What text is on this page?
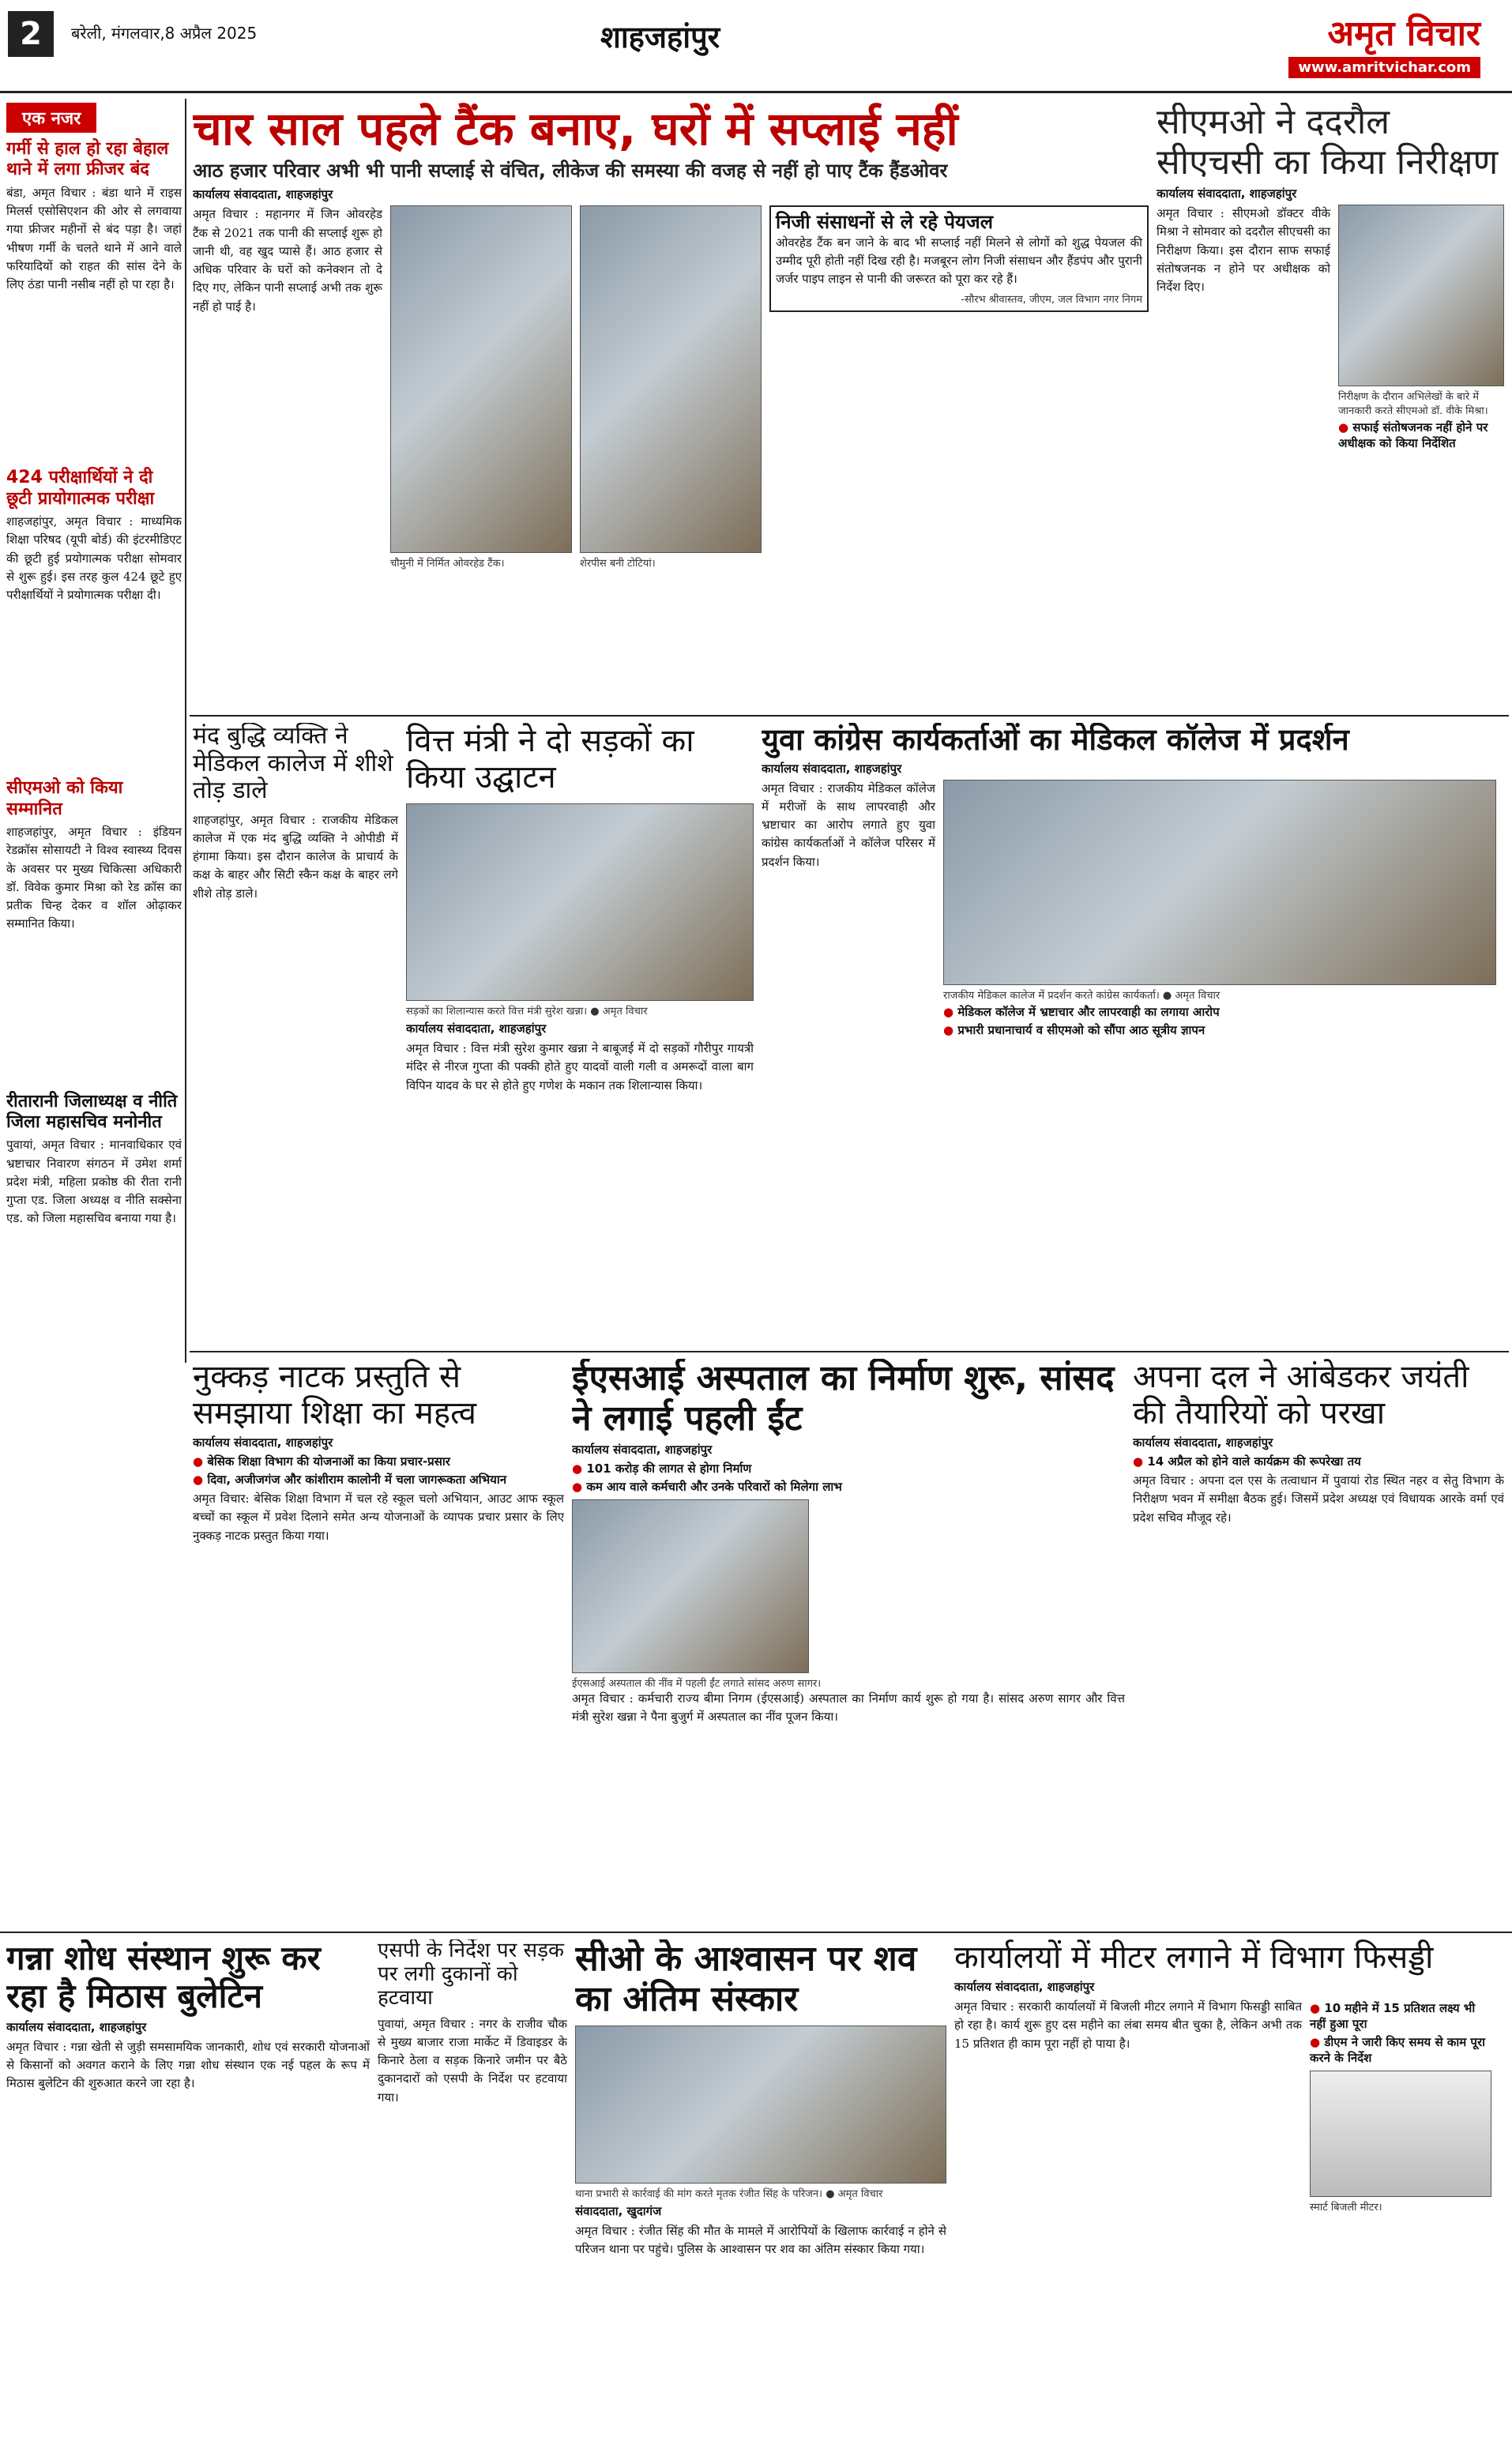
2	बरेली, मंगलवार,8 अप्रैल 2025	शाहजहांपुर	अमृत विचार
www.amritvichar.com
एक नजर
गर्मी से हाल हो रहा बेहाल थाने में लगा फ्रीजर बंद

बंडा, अमृत विचार : बंडा थाने में राइस मिलर्स एसोसिएशन की ओर से लगवाया गया फ्रीजर महीनों से बंद पड़ा है। जहां भीषण गर्मी के चलते थाने में आने वाले फरियादियों को राहत की सांस देने के लिए ठंडा पानी नसीब नहीं हो पा रहा है।

424 परीक्षार्थियों ने दी छूटी प्रायोगात्मक परीक्षा

शाहजहांपुर, अमृत विचार : माध्यमिक शिक्षा परिषद (यूपी बोर्ड) की इंटरमीडिएट की छूटी हुई प्रयोगात्मक परीक्षा सोमवार से शुरू हुई। इस तरह कुल 424 छूटे हुए परीक्षार्थियों ने प्रयोगात्मक परीक्षा दी।

सीएमओ को किया सम्मानित

शाहजहांपुर, अमृत विचार : इंडियन रेडक्रॉस सोसायटी ने विश्व स्वास्थ्य दिवस के अवसर पर मुख्य चिकित्सा अधिकारी डॉ. विवेक कुमार मिश्रा को रेड क्रॉस का प्रतीक चिन्ह देकर व शॉल ओढ़ाकर सम्मानित किया।

रीतारानी जिलाध्यक्ष व नीति जिला महासचिव मनोनीत

पुवायां, अमृत विचार : मानवाधिकार एवं भ्रष्टाचार निवारण संगठन में उमेश शर्मा प्रदेश मंत्री, महिला प्रकोष्ठ की रीता रानी गुप्ता एड. जिला अध्यक्ष व नीति सक्सेना एड. को जिला महासचिव बनाया गया है।

चार साल पहले टैंक बनाए, घरों में सप्लाई नहीं
आठ हजार परिवार अभी भी पानी सप्लाई से वंचित, लीकेज की समस्या की वजह से नहीं हो पाए टैंक हैंडओवर
कार्यालय संवाददाता, शाहजहांपुर

अमृत विचार : महानगर में जिन ओवरहेड टैंक से 2021 तक पानी की सप्लाई शुरू हो जानी थी, वह खुद प्यासे हैं। आठ हजार से अधिक परिवार के घरों को कनेक्शन तो दे दिए गए, लेकिन पानी सप्लाई अभी तक शुरू नहीं हो पाई है।

चौमुनी में निर्मित ओवरहेड टैंक।	शेरपीस बनी टोटियां।
निजी संसाधनों से ले रहे पेयजल

ओवरहेड टैंक बन जाने के बाद भी सप्लाई नहीं मिलने से लोगों को शुद्ध पेयजल की उम्मीद पूरी होती नहीं दिख रही है। मजबूरन लोग निजी संसाधन और हैंडपंप और पुरानी जर्जर पाइप लाइन से पानी की जरूरत को पूरा कर रहे हैं।

-सौरभ श्रीवास्तव, जीएम, जल विभाग नगर निगम
सीएमओ ने ददरौल सीएचसी का किया निरीक्षण
कार्यालय संवाददाता, शाहजहांपुर

अमृत विचार : सीएमओ डॉक्टर वीके मिश्रा ने सोमवार को ददरौल सीएचसी का निरीक्षण किया। इस दौरान साफ सफाई संतोषजनक न होने पर अधीक्षक को निर्देश दिए।

निरीक्षण के दौरान अभिलेखों के बारे में जानकारी करते सीएमओ डॉ. वीके मिश्रा।
● सफाई संतोषजनक नहीं होने पर अधीक्षक को किया निर्देशित
मंद बुद्धि व्यक्ति ने मेडिकल कालेज में शीशे तोड़ डाले

शाहजहांपुर, अमृत विचार : राजकीय मेडिकल कालेज में एक मंद बुद्धि व्यक्ति ने ओपीडी में हंगामा किया। इस दौरान कालेज के प्राचार्य के कक्ष के बाहर और सिटी स्कैन कक्ष के बाहर लगे शीशे तोड़ डाले।

वित्त मंत्री ने दो सड़कों का किया उद्घाटन
सड़कों का शिलान्यास करते वित्त मंत्री सुरेश खन्ना। ● अमृत विचार
कार्यालय संवाददाता, शाहजहांपुर

अमृत विचार : वित्त मंत्री सुरेश कुमार खन्ना ने बाबूजई में दो सड़कों गौरीपुर गायत्री मंदिर से नीरज गुप्ता की पक्की होते हुए यादवों वाली गली व अमरूदों वाला बाग विपिन यादव के घर से होते हुए गणेश के मकान तक शिलान्यास किया।

युवा कांग्रेस कार्यकर्ताओं का मेडिकल कॉलेज में प्रदर्शन
कार्यालय संवाददाता, शाहजहांपुर

अमृत विचार : राजकीय मेडिकल कॉलेज में मरीजों के साथ लापरवाही और भ्रष्टाचार का आरोप लगाते हुए युवा कांग्रेस कार्यकर्ताओं ने कॉलेज परिसर में प्रदर्शन किया।

राजकीय मेडिकल कालेज में प्रदर्शन करते कांग्रेस कार्यकर्ता। ● अमृत विचार
● मेडिकल कॉलेज में भ्रष्टाचार और लापरवाही का लगाया आरोप
● प्रभारी प्रधानाचार्य व सीएमओ को सौंपा आठ सूत्रीय ज्ञापन
नुक्कड़ नाटक प्रस्तुति से समझाया शिक्षा का महत्व
कार्यालय संवाददाता, शाहजहांपुर
● बेसिक शिक्षा विभाग की योजनाओं का किया प्रचार-प्रसार
● दिवा, अजीजगंज और कांशीराम कालोनी में चला जागरूकता अभियान

अमृत विचार: बेसिक शिक्षा विभाग में चल रहे स्कूल चलो अभियान, आउट आफ स्कूल बच्चों का स्कूल में प्रवेश दिलाने समेत अन्य योजनाओं के व्यापक प्रचार प्रसार के लिए नुक्कड़ नाटक प्रस्तुत किया गया।

ईएसआई अस्पताल का निर्माण शुरू, सांसद ने लगाई पहली ईंट
कार्यालय संवाददाता, शाहजहांपुर
● 101 करोड़ की लागत से होगा निर्माण
● कम आय वाले कर्मचारी और उनके परिवारों को मिलेगा लाभ
ईएसआई अस्पताल की नींव में पहली ईंट लगाते सांसद अरुण सागर।

अमृत विचार : कर्मचारी राज्य बीमा निगम (ईएसआई) अस्पताल का निर्माण कार्य शुरू हो गया है। सांसद अरुण सागर और वित्त मंत्री सुरेश खन्ना ने पैना बुजुर्ग में अस्पताल का नींव पूजन किया।

अपना दल ने आंबेडकर जयंती की तैयारियों को परखा
कार्यालय संवाददाता, शाहजहांपुर
● 14 अप्रैल को होने वाले कार्यक्रम की रूपरेखा तय

अमृत विचार : अपना दल एस के तत्वाधान में पुवायां रोड स्थित नहर व सेतु विभाग के निरीक्षण भवन में समीक्षा बैठक हुई। जिसमें प्रदेश अध्यक्ष एवं विधायक आरके वर्मा एवं प्रदेश सचिव मौजूद रहे।

गन्ना शोध संस्थान शुरू कर रहा है मिठास बुलेटिन
कार्यालय संवाददाता, शाहजहांपुर

अमृत विचार : गन्ना खेती से जुड़ी समसामयिक जानकारी, शोध एवं सरकारी योजनाओं से किसानों को अवगत कराने के लिए गन्ना शोध संस्थान एक नई पहल के रूप में मिठास बुलेटिन की शुरुआत करने जा रहा है।

एसपी के निर्देश पर सड़क पर लगी दुकानों को हटवाया

पुवायां, अमृत विचार : नगर के राजीव चौक से मुख्य बाजार राजा मार्केट में डिवाइडर के किनारे ठेला व सड़क किनारे जमीन पर बैठे दुकानदारों को एसपी के निर्देश पर हटवाया गया।

सीओ के आश्वासन पर शव का अंतिम संस्कार
थाना प्रभारी से कार्रवाई की मांग करते मृतक रंजीत सिंह के परिजन। ● अमृत विचार
संवाददाता, खुदागंज

अमृत विचार : रंजीत सिंह की मौत के मामले में आरोपियों के खिलाफ कार्रवाई न होने से परिजन थाना पर पहुंचे। पुलिस के आश्वासन पर शव का अंतिम संस्कार किया गया।

कार्यालयों में मीटर लगाने में विभाग फिसड्डी
कार्यालय संवाददाता, शाहजहांपुर

अमृत विचार : सरकारी कार्यालयों में बिजली मीटर लगाने में विभाग फिसड्डी साबित हो रहा है। कार्य शुरू हुए दस महीने का लंबा समय बीत चुका है, लेकिन अभी तक 15 प्रतिशत ही काम पूरा नहीं हो पाया है।

● 10 महीने में 15 प्रतिशत लक्ष्य भी नहीं हुआ पूरा
● डीएम ने जारी किए समय से काम पूरा करने के निर्देश
स्मार्ट बिजली मीटर।
